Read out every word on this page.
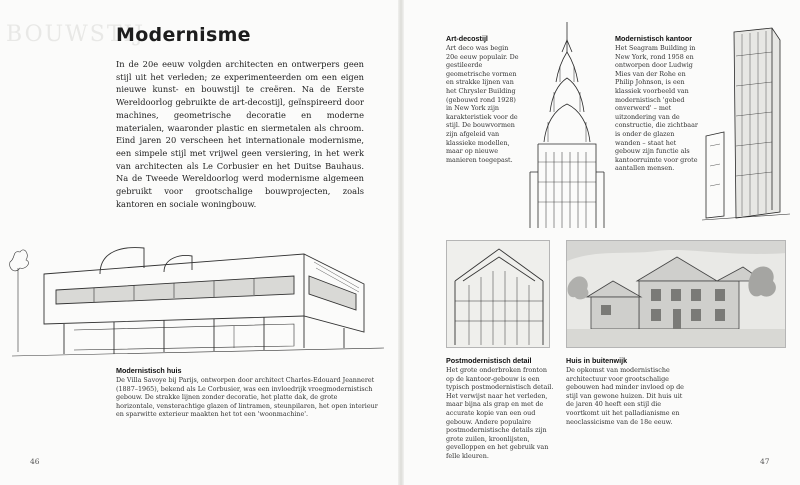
BOUWSTIJ
Modernisme
In de 20e eeuw volgden architecten en ontwerpers geen stijl uit het verleden; ze experimenteerden om een eigen nieuwe kunst- en bouwstijl te creëren. Na de Eerste Wereldoorlog gebruikte de art-decostijl, geïnspireerd door machines, geometrische decoratie en moderne materialen, waaronder plastic en siermetalen als chroom. Eind jaren 20 verscheen het internationale modernisme, een simpele stijl met vrijwel geen versiering, in het werk van architecten als Le Corbusier en het Duitse Bauhaus. Na de Tweede Wereldoorlog werd modernisme algemeen gebruikt voor grootschalige bouwprojecten, zoals kantoren en sociale woningbouw.
Modernistisch huis
De Villa Savoye bij Parijs, ontworpen door architect Charles-Edouard Jeanneret (1887–1965), bekend als Le Corbusier, was een invloedrijk vroegmodernistisch gebouw. De strakke lijnen zonder decoratie, het platte dak, de grote horizontale, vensterachtige glazen of lintramen, steunpilaren, het open interieur en sparwitte exterieur maakten het tot een 'woonmachine'.
46
Art-decostijl
Art deco was begin 20e eeuw populair. De gestileerde geometrische vormen en strakke lijnen van het Chrysler Building (gebouwd rond 1928) in New York zijn karakteristiek voor de stijl. De bouwvormen zijn afgeleid van klassieke modellen, maar op nieuwe manieren toegepast.
Modernistisch kantoor
Het Seagram Building in New York, rond 1958 en ontworpen door Ludwig Mies van der Rohe en Philip Johnson, is een klassiek voorbeeld van modernistisch 'gebed onverwerd' – met uitzondering van de constructie, die zichtbaar is onder de glazen wanden – staat het gebouw zijn functie als kantoorruimte voor grote aantallen mensen.
Postmodernistisch detail
Het grote onderbroken fronton op de kantoor-gebouw is een typisch postmodernistisch detail. Het verwijst naar het verleden, maar bijna als grap en met de accurate kopie van een oud gebouw. Andere populaire postmodernistische details zijn grote zuilen, kroonlijsten, gevelloppen en het gebruik van felle kleuren.
Huis in buitenwijk
De opkomst van modernistische architectuur voor grootschalige gebouwen had minder invloed op de stijl van gewone huizen. Dit huis uit de jaren 40 heeft een stijl die voortkomt uit het palladianisme en neoclassicisme van de 18e eeuw.
47
